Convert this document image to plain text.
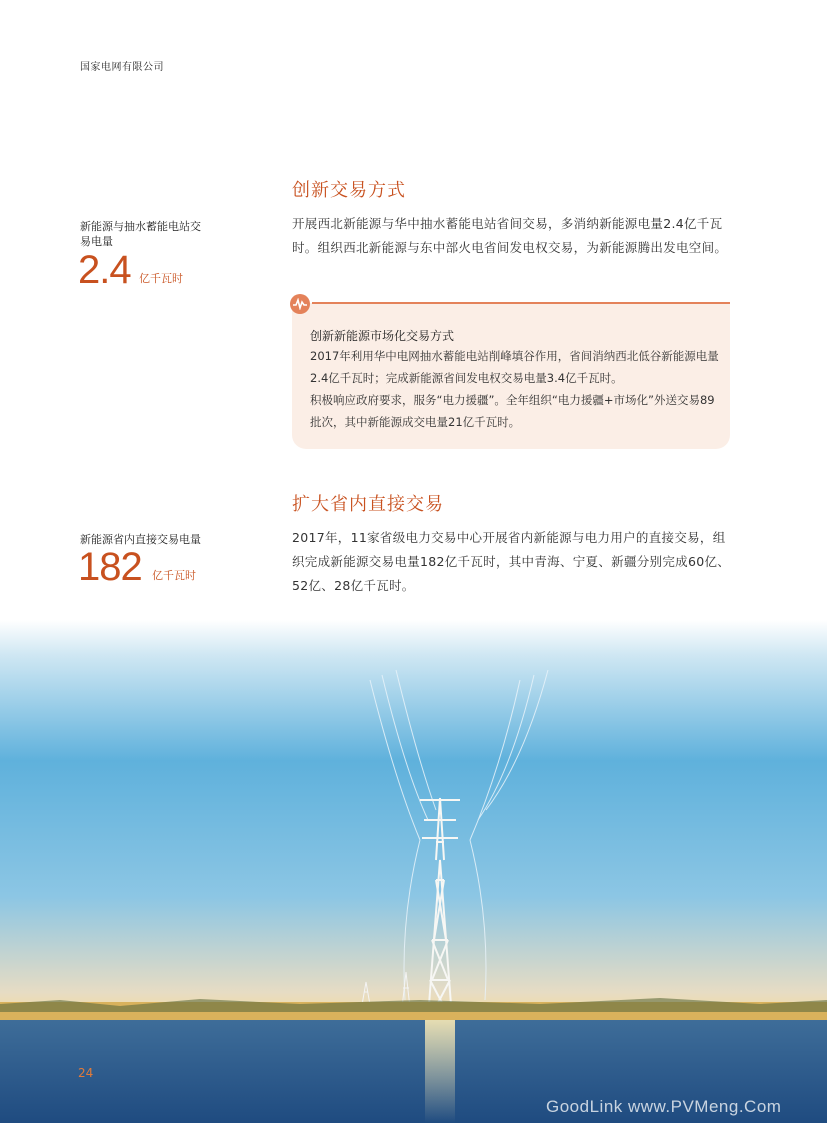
国家电网有限公司
创新交易方式
新能源与抽水蓄能电站交易电量
2.4 亿千瓦时
开展西北新能源与华中抽水蓄能电站省间交易，多消纳新能源电量2.4亿千瓦时。组织西北新能源与东中部火电省间发电权交易，为新能源腾出发电空间。
创新新能源市场化交易方式
2017年利用华中电网抽水蓄能电站削峰填谷作用，省间消纳西北低谷新能源电量2.4亿千瓦时；完成新能源省间发电权交易电量3.4亿千瓦时。
积极响应政府要求，服务“电力援疆”。全年组织“电力援疆+市场化”外送交易89批次，其中新能源成交电量21亿千瓦时。
扩大省内直接交易
新能源省内直接交易电量
182 亿千瓦时
2017年，11家省级电力交易中心开展省内新能源与电力用户的直接交易，组织完成新能源交易电量182亿千瓦时，其中青海、宁夏、新疆分别完成60亿、52亿、28亿千瓦时。
24
GoodLink www.PVMeng.Com
